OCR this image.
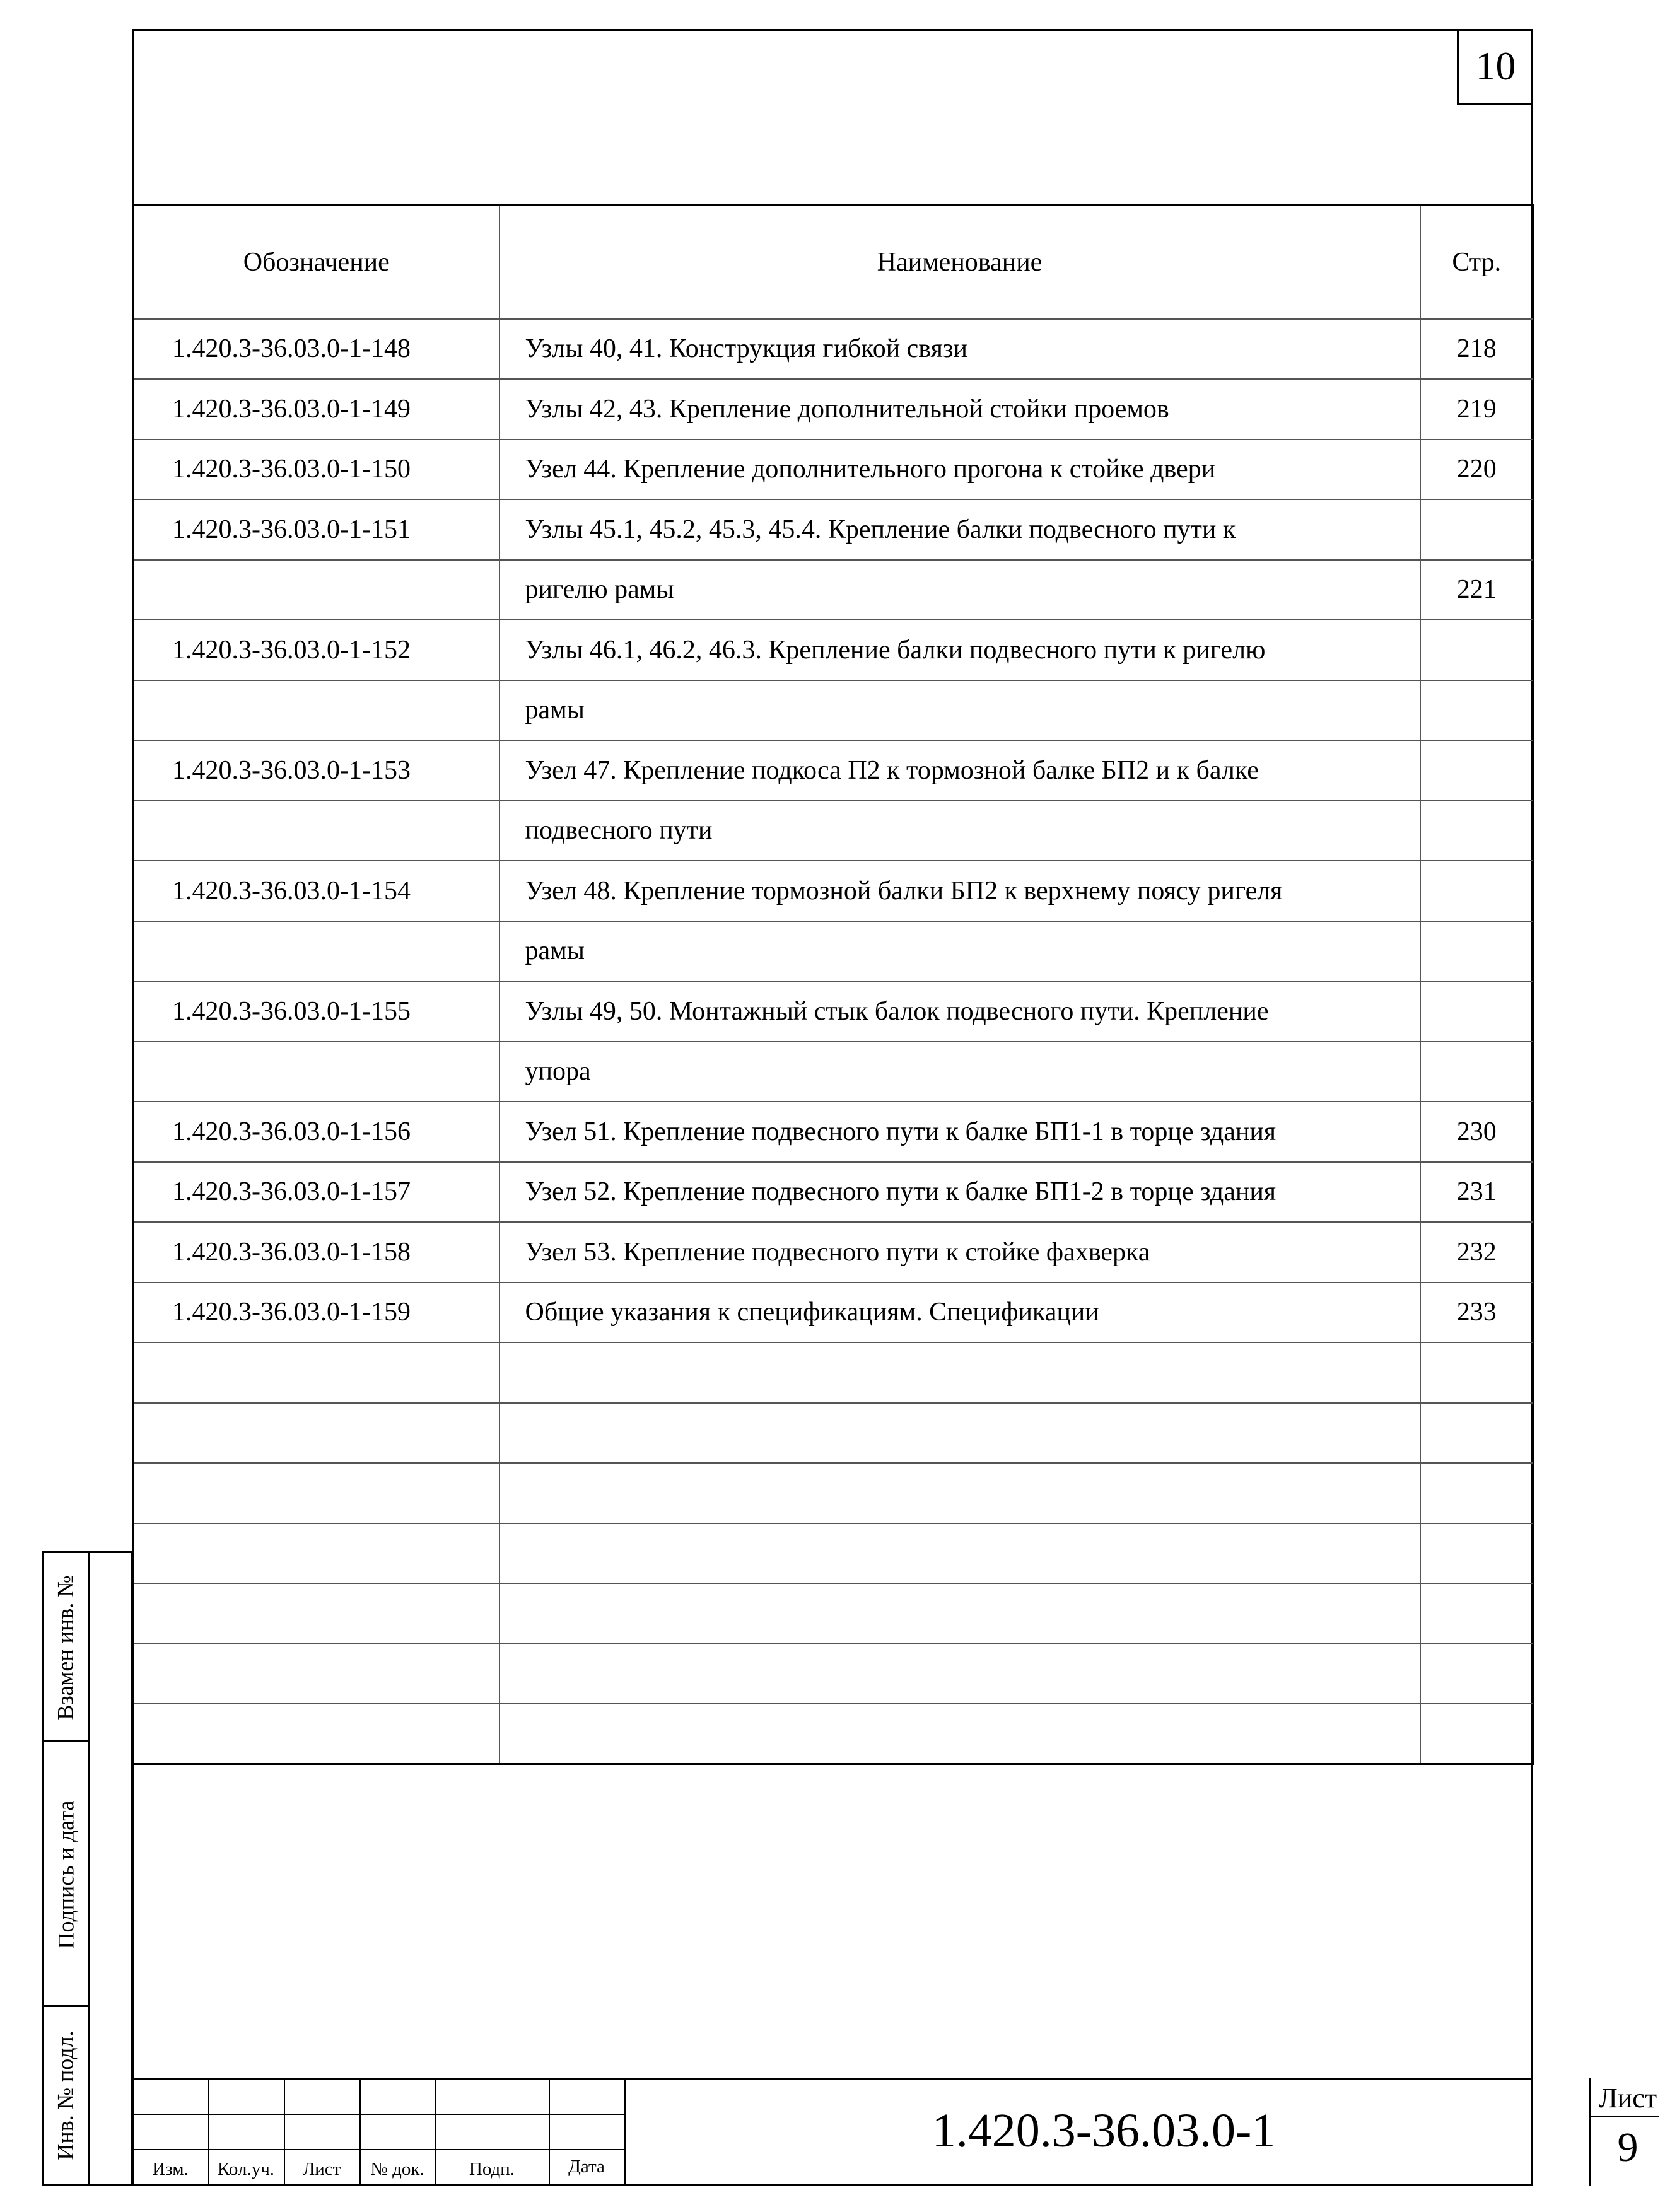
10
Обозначение	Наименование	Стр.
1.420.3-36.03.0-1-148	Узлы 40, 41. Конструкция гибкой связи	218
1.420.3-36.03.0-1-149	Узлы 42, 43. Крепление дополнительной стойки проемов	219
1.420.3-36.03.0-1-150	Узел 44. Крепление дополнительного прогона к стойке двери	220
1.420.3-36.03.0-1-151	Узлы 45.1, 45.2, 45.3, 45.4. Крепление балки подвесного пути к	
	ригелю рамы	221
1.420.3-36.03.0-1-152	Узлы 46.1, 46.2, 46.3. Крепление балки подвесного пути к ригелю	
	рамы	
1.420.3-36.03.0-1-153	Узел 47. Крепление подкоса П2 к тормозной балке БП2 и к балке	
	подвесного пути	
1.420.3-36.03.0-1-154	Узел 48. Крепление тормозной балки БП2 к верхнему поясу ригеля	
	рамы	
1.420.3-36.03.0-1-155	Узлы 49, 50. Монтажный стык балок подвесного пути. Крепление	
	упора	
1.420.3-36.03.0-1-156	Узел 51. Крепление подвесного пути к балке БП1-1 в торце здания	230
1.420.3-36.03.0-1-157	Узел 52. Крепление подвесного пути к балке БП1-2 в торце здания	231
1.420.3-36.03.0-1-158	Узел 53. Крепление подвесного пути к стойке фахверка	232
1.420.3-36.03.0-1-159	Общие указания к спецификациям. Спецификации	233

Взамен инв. №
Подпись и дата
Инв. № подл.
Изм.	Кол.уч.	Лист	№ док.	Подп.	Дата
1.420.3-36.03.0-1
Лист
9
